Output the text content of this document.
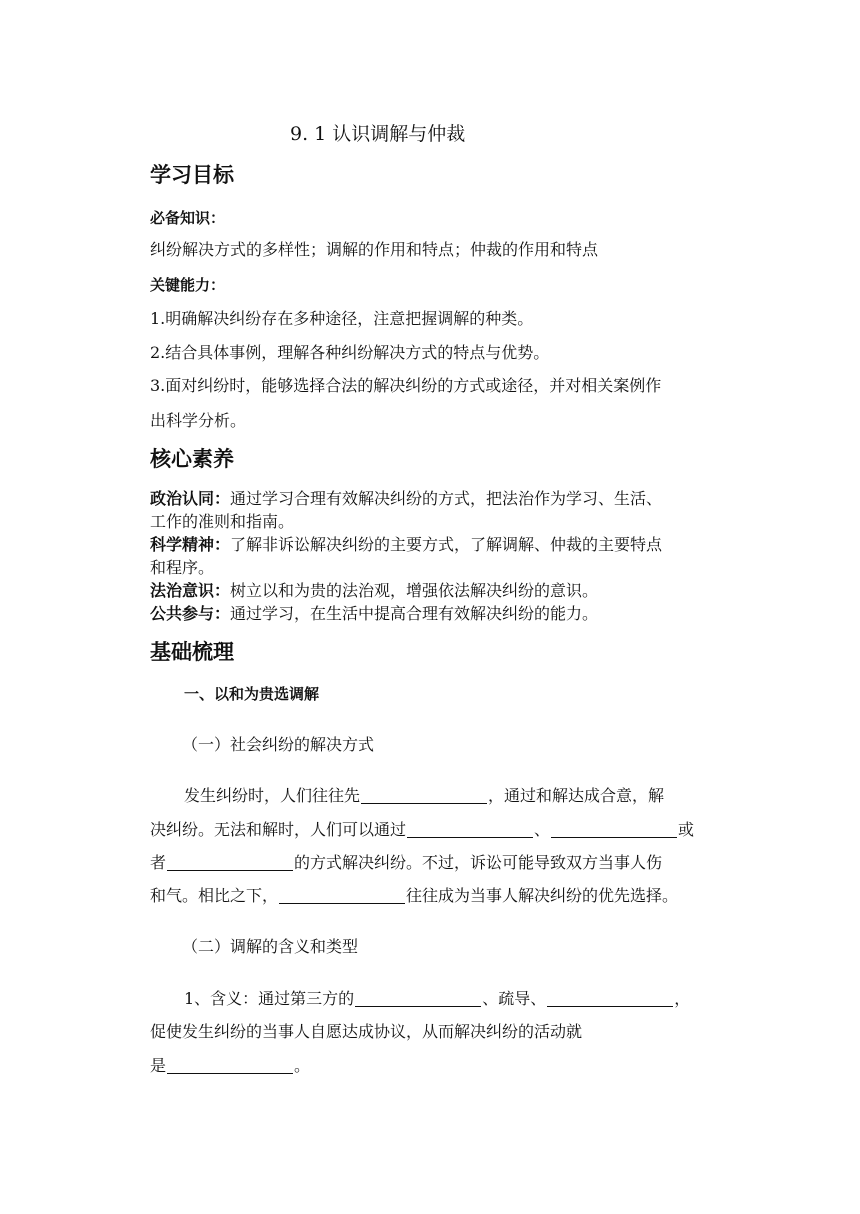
9. 1 认识调解与仲裁
学习目标
必备知识：
纠纷解决方式的多样性；调解的作用和特点；仲裁的作用和特点
关键能力：
1.明确解决纠纷存在多种途径，注意把握调解的种类。
2.结合具体事例，理解各种纠纷解决方式的特点与优势。
3.面对纠纷时，能够选择合法的解决纠纷的方式或途径，并对相关案例作
出科学分析。
核心素养
政治认同：通过学习合理有效解决纠纷的方式，把法治作为学习、生活、
工作的准则和指南。
科学精神：了解非诉讼解决纠纷的主要方式，了解调解、仲裁的主要特点
和程序。
法治意识：树立以和为贵的法治观，增强依法解决纠纷的意识。
公共参与：通过学习，在生活中提高合理有效解决纠纷的能力。
基础梳理
一、以和为贵选调解
（一）社会纠纷的解决方式
发生纠纷时，人们往往先	，通过和解达成合意，解
决纠纷。无法和解时，人们可以通过	、	或
者	的方式解决纠纷。不过，诉讼可能导致双方当事人伤
和气。相比之下，	往往成为当事人解决纠纷的优先选择。
（二）调解的含义和类型
1、含义：通过第三方的	、疏导、	，
促使发生纠纷的当事人自愿达成协议，从而解决纠纷的活动就
是	。
